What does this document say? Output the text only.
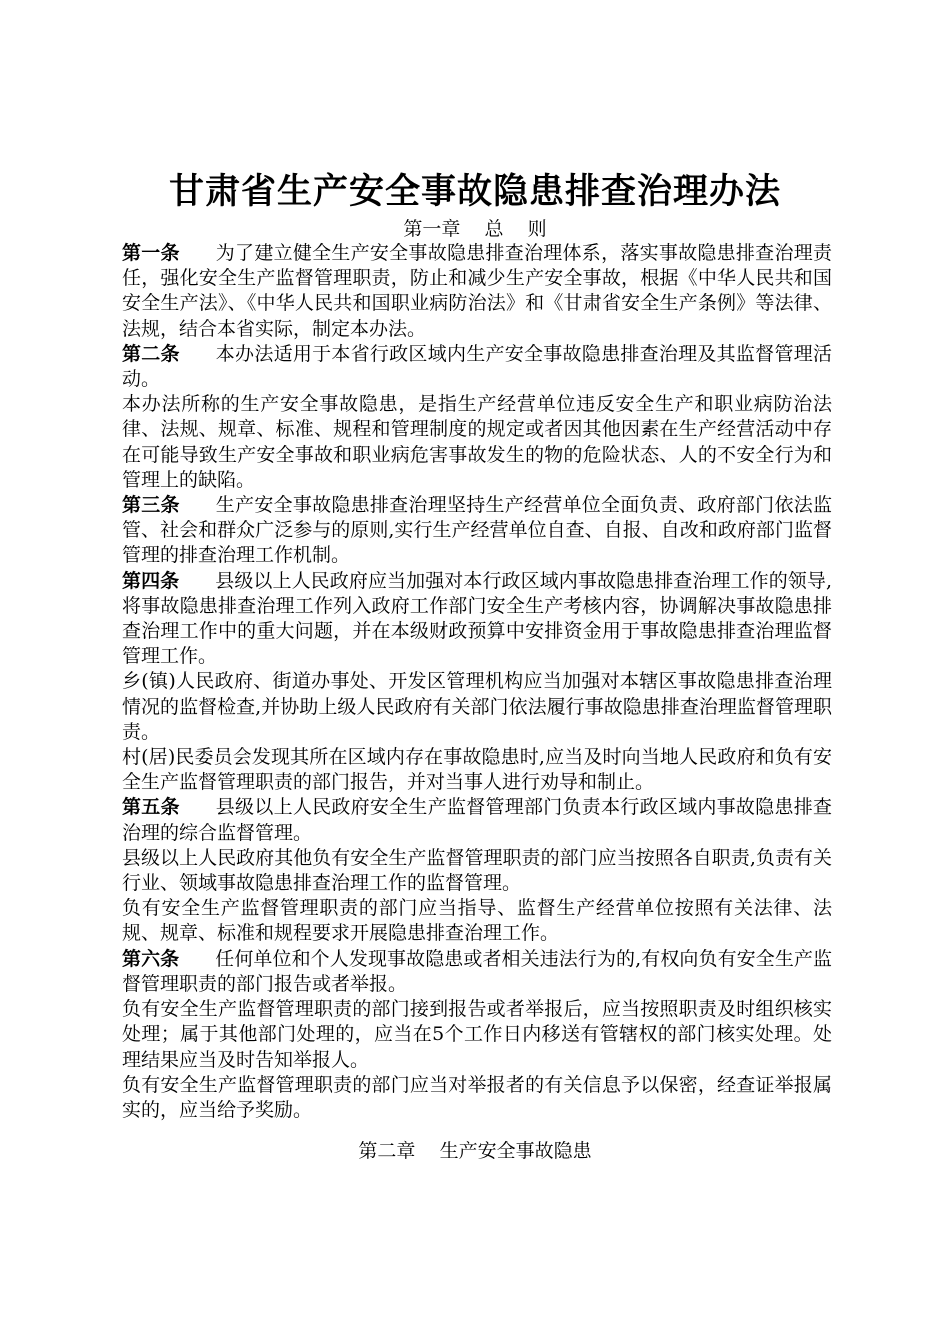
甘肃省生产安全事故隐患排查治理办法
第一章    总    则

第一条 为了建立健全生产安全事故隐患排查治理体系，落实事故隐患排查治理责任，强化安全生产监督管理职责，防止和减少生产安全事故，根据《中华人民共和国安全生产法》、《中华人民共和国职业病防治法》和《甘肃省安全生产条例》等法律、法规，结合本省实际，制定本办法。

第二条 本办法适用于本省行政区域内生产安全事故隐患排查治理及其监督管理活动。

本办法所称的生产安全事故隐患，是指生产经营单位违反安全生产和职业病防治法律、法规、规章、标准、规程和管理制度的规定或者因其他因素在生产经营活动中存在可能导致生产安全事故和职业病危害事故发生的物的危险状态、人的不安全行为和管理上的缺陷。

第三条 生产安全事故隐患排查治理坚持生产经营单位全面负责、政府部门依法监管、社会和群众广泛参与的原则,实行生产经营单位自查、自报、自改和政府部门监督管理的排查治理工作机制。

第四条 县级以上人民政府应当加强对本行政区域内事故隐患排查治理工作的领导, 将事故隐患排查治理工作列入政府工作部门安全生产考核内容，协调解决事故隐患排查治理工作中的重大问题，并在本级财政预算中安排资金用于事故隐患排查治理监督管理工作。

乡(镇)人民政府、街道办事处、开发区管理机构应当加强对本辖区事故隐患排查治理情况的监督检查,并协助上级人民政府有关部门依法履行事故隐患排查治理监督管理职责。

村(居)民委员会发现其所在区域内存在事故隐患时,应当及时向当地人民政府和负有安全生产监督管理职责的部门报告，并对当事人进行劝导和制止。

第五条 县级以上人民政府安全生产监督管理部门负责本行政区域内事故隐患排查治理的综合监督管理。

县级以上人民政府其他负有安全生产监督管理职责的部门应当按照各自职责,负责有关行业、领域事故隐患排查治理工作的监督管理。

负有安全生产监督管理职责的部门应当指导、监督生产经营单位按照有关法律、法规、规章、标准和规程要求开展隐患排查治理工作。

第六条 任何单位和个人发现事故隐患或者相关违法行为的,有权向负有安全生产监督管理职责的部门报告或者举报。

负有安全生产监督管理职责的部门接到报告或者举报后，应当按照职责及时组织核实处理；属于其他部门处理的，应当在5个工作日内移送有管辖权的部门核实处理。处理结果应当及时告知举报人。

负有安全生产监督管理职责的部门应当对举报者的有关信息予以保密，经查证举报属实的，应当给予奖励。

第二章    生产安全事故隐患
